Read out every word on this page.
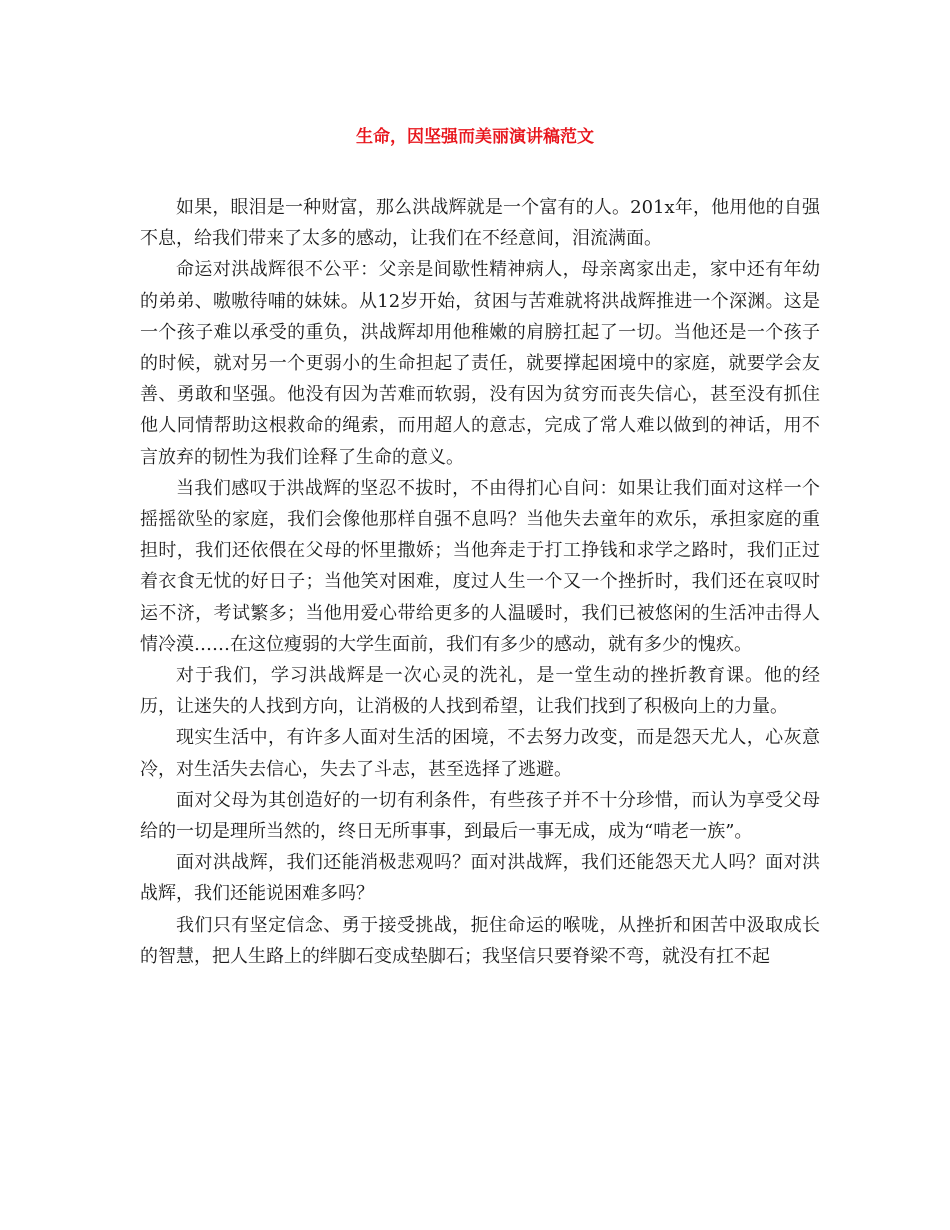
生命，因坚强而美丽演讲稿范文

如果，眼泪是一种财富，那么洪战辉就是一个富有的人。201x年，他用他的自强不息，给我们带来了太多的感动，让我们在不经意间，泪流满面。

命运对洪战辉很不公平：父亲是间歇性精神病人，母亲离家出走，家中还有年幼的弟弟、嗷嗷待哺的妹妹。从12岁开始，贫困与苦难就将洪战辉推进一个深渊。这是一个孩子难以承受的重负，洪战辉却用他稚嫩的肩膀扛起了一切。当他还是一个孩子的时候，就对另一个更弱小的生命担起了责任，就要撑起困境中的家庭，就要学会友善、勇敢和坚强。他没有因为苦难而软弱，没有因为贫穷而丧失信心，甚至没有抓住他人同情帮助这根救命的绳索，而用超人的意志，完成了常人难以做到的神话，用不言放弃的韧性为我们诠释了生命的意义。

当我们感叹于洪战辉的坚忍不拔时，不由得扪心自问：如果让我们面对这样一个摇摇欲坠的家庭，我们会像他那样自强不息吗？当他失去童年的欢乐，承担家庭的重担时，我们还依偎在父母的怀里撒娇；当他奔走于打工挣钱和求学之路时，我们正过着衣食无忧的好日子；当他笑对困难，度过人生一个又一个挫折时，我们还在哀叹时运不济，考试繁多；当他用爱心带给更多的人温暖时，我们已被悠闲的生活冲击得人情冷漠……在这位瘦弱的大学生面前，我们有多少的感动，就有多少的愧疚。

对于我们，学习洪战辉是一次心灵的洗礼，是一堂生动的挫折教育课。他的经历，让迷失的人找到方向，让消极的人找到希望，让我们找到了积极向上的力量。

现实生活中，有许多人面对生活的困境，不去努力改变，而是怨天尤人，心灰意冷，对生活失去信心，失去了斗志，甚至选择了逃避。

面对父母为其创造好的一切有利条件，有些孩子并不十分珍惜，而认为享受父母给的一切是理所当然的，终日无所事事，到最后一事无成，成为“啃老一族”。

面对洪战辉，我们还能消极悲观吗？面对洪战辉，我们还能怨天尤人吗？面对洪战辉，我们还能说困难多吗？

我们只有坚定信念、勇于接受挑战，扼住命运的喉咙，从挫折和困苦中汲取成长的智慧，把人生路上的绊脚石变成垫脚石；我坚信只要脊梁不弯，就没有扛不起
